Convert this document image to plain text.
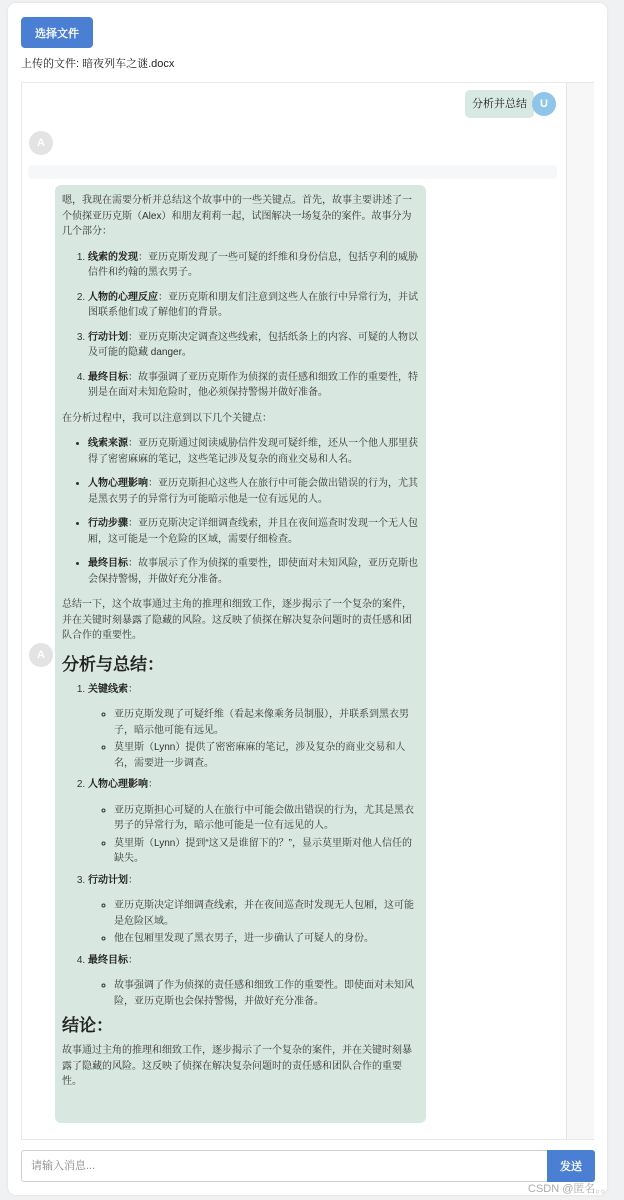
选择文件
上传的文件: 暗夜列车之谜.docx
分析并总结	U
A
A

嗯，我现在需要分析并总结这个故事中的一些关键点。首先，故事主要讲述了一个侦探亚历克斯（Alex）和朋友莉莉一起，试图解决一场复杂的案件。故事分为几个部分：

1. 线索的发现：亚历克斯发现了一些可疑的纤维和身份信息，包括亨利的威胁信件和约翰的黑衣男子。
2. 人物的心理反应：亚历克斯和朋友们注意到这些人在旅行中异常行为，并试图联系他们或了解他们的背景。
3. 行动计划：亚历克斯决定调查这些线索，包括纸条上的内容、可疑的人物以及可能的隐藏 danger。
4. 最终目标：故事强调了亚历克斯作为侦探的责任感和细致工作的重要性，特别是在面对未知危险时，他必须保持警惕并做好准备。

在分析过程中，我可以注意到以下几个关键点：

• 线索来源：亚历克斯通过阅读威胁信件发现可疑纤维，还从一个他人那里获得了密密麻麻的笔记，这些笔记涉及复杂的商业交易和人名。
• 人物心理影响：亚历克斯担心这些人在旅行中可能会做出错误的行为，尤其是黑衣男子的异常行为可能暗示他是一位有远见的人。
• 行动步骤：亚历克斯决定详细调查线索，并且在夜间巡查时发现一个无人包厢，这可能是一个危险的区域，需要仔细检查。
• 最终目标：故事展示了作为侦探的重要性，即使面对未知风险，亚历克斯也会保持警惕，并做好充分准备。

总结一下，这个故事通过主角的推理和细致工作，逐步揭示了一个复杂的案件，并在关键时刻暴露了隐藏的风险。这反映了侦探在解决复杂问题时的责任感和团队合作的重要性。

分析与总结：
1. 关键线索：
◦ 亚历克斯发现了可疑纤维（看起来像乘务员制服），并联系到黑衣男子，暗示他可能有远见。
◦ 莫里斯（Lynn）提供了密密麻麻的笔记，涉及复杂的商业交易和人名，需要进一步调查。
2. 人物心理影响：
◦ 亚历克斯担心可疑的人在旅行中可能会做出错误的行为，尤其是黑衣男子的异常行为，暗示他可能是一位有远见的人。
◦ 莫里斯（Lynn）提到“这又是谁留下的？”，显示莫里斯对他人信任的缺失。
3. 行动计划：
◦ 亚历克斯决定详细调查线索，并在夜间巡查时发现无人包厢，这可能是危险区域。
◦ 他在包厢里发现了黑衣男子，进一步确认了可疑人的身份。
4. 最终目标：
◦ 故事强调了作为侦探的责任感和细致工作的重要性。即使面对未知风险，亚历克斯也会保持警惕，并做好充分准备。
结论：

故事通过主角的推理和细致工作，逐步揭示了一个复杂的案件，并在关键时刻暴露了隐藏的风险。这反映了侦探在解决复杂问题时的责任感和团队合作的重要性。

请输入消息...
发送
CSDN @匿名。。
